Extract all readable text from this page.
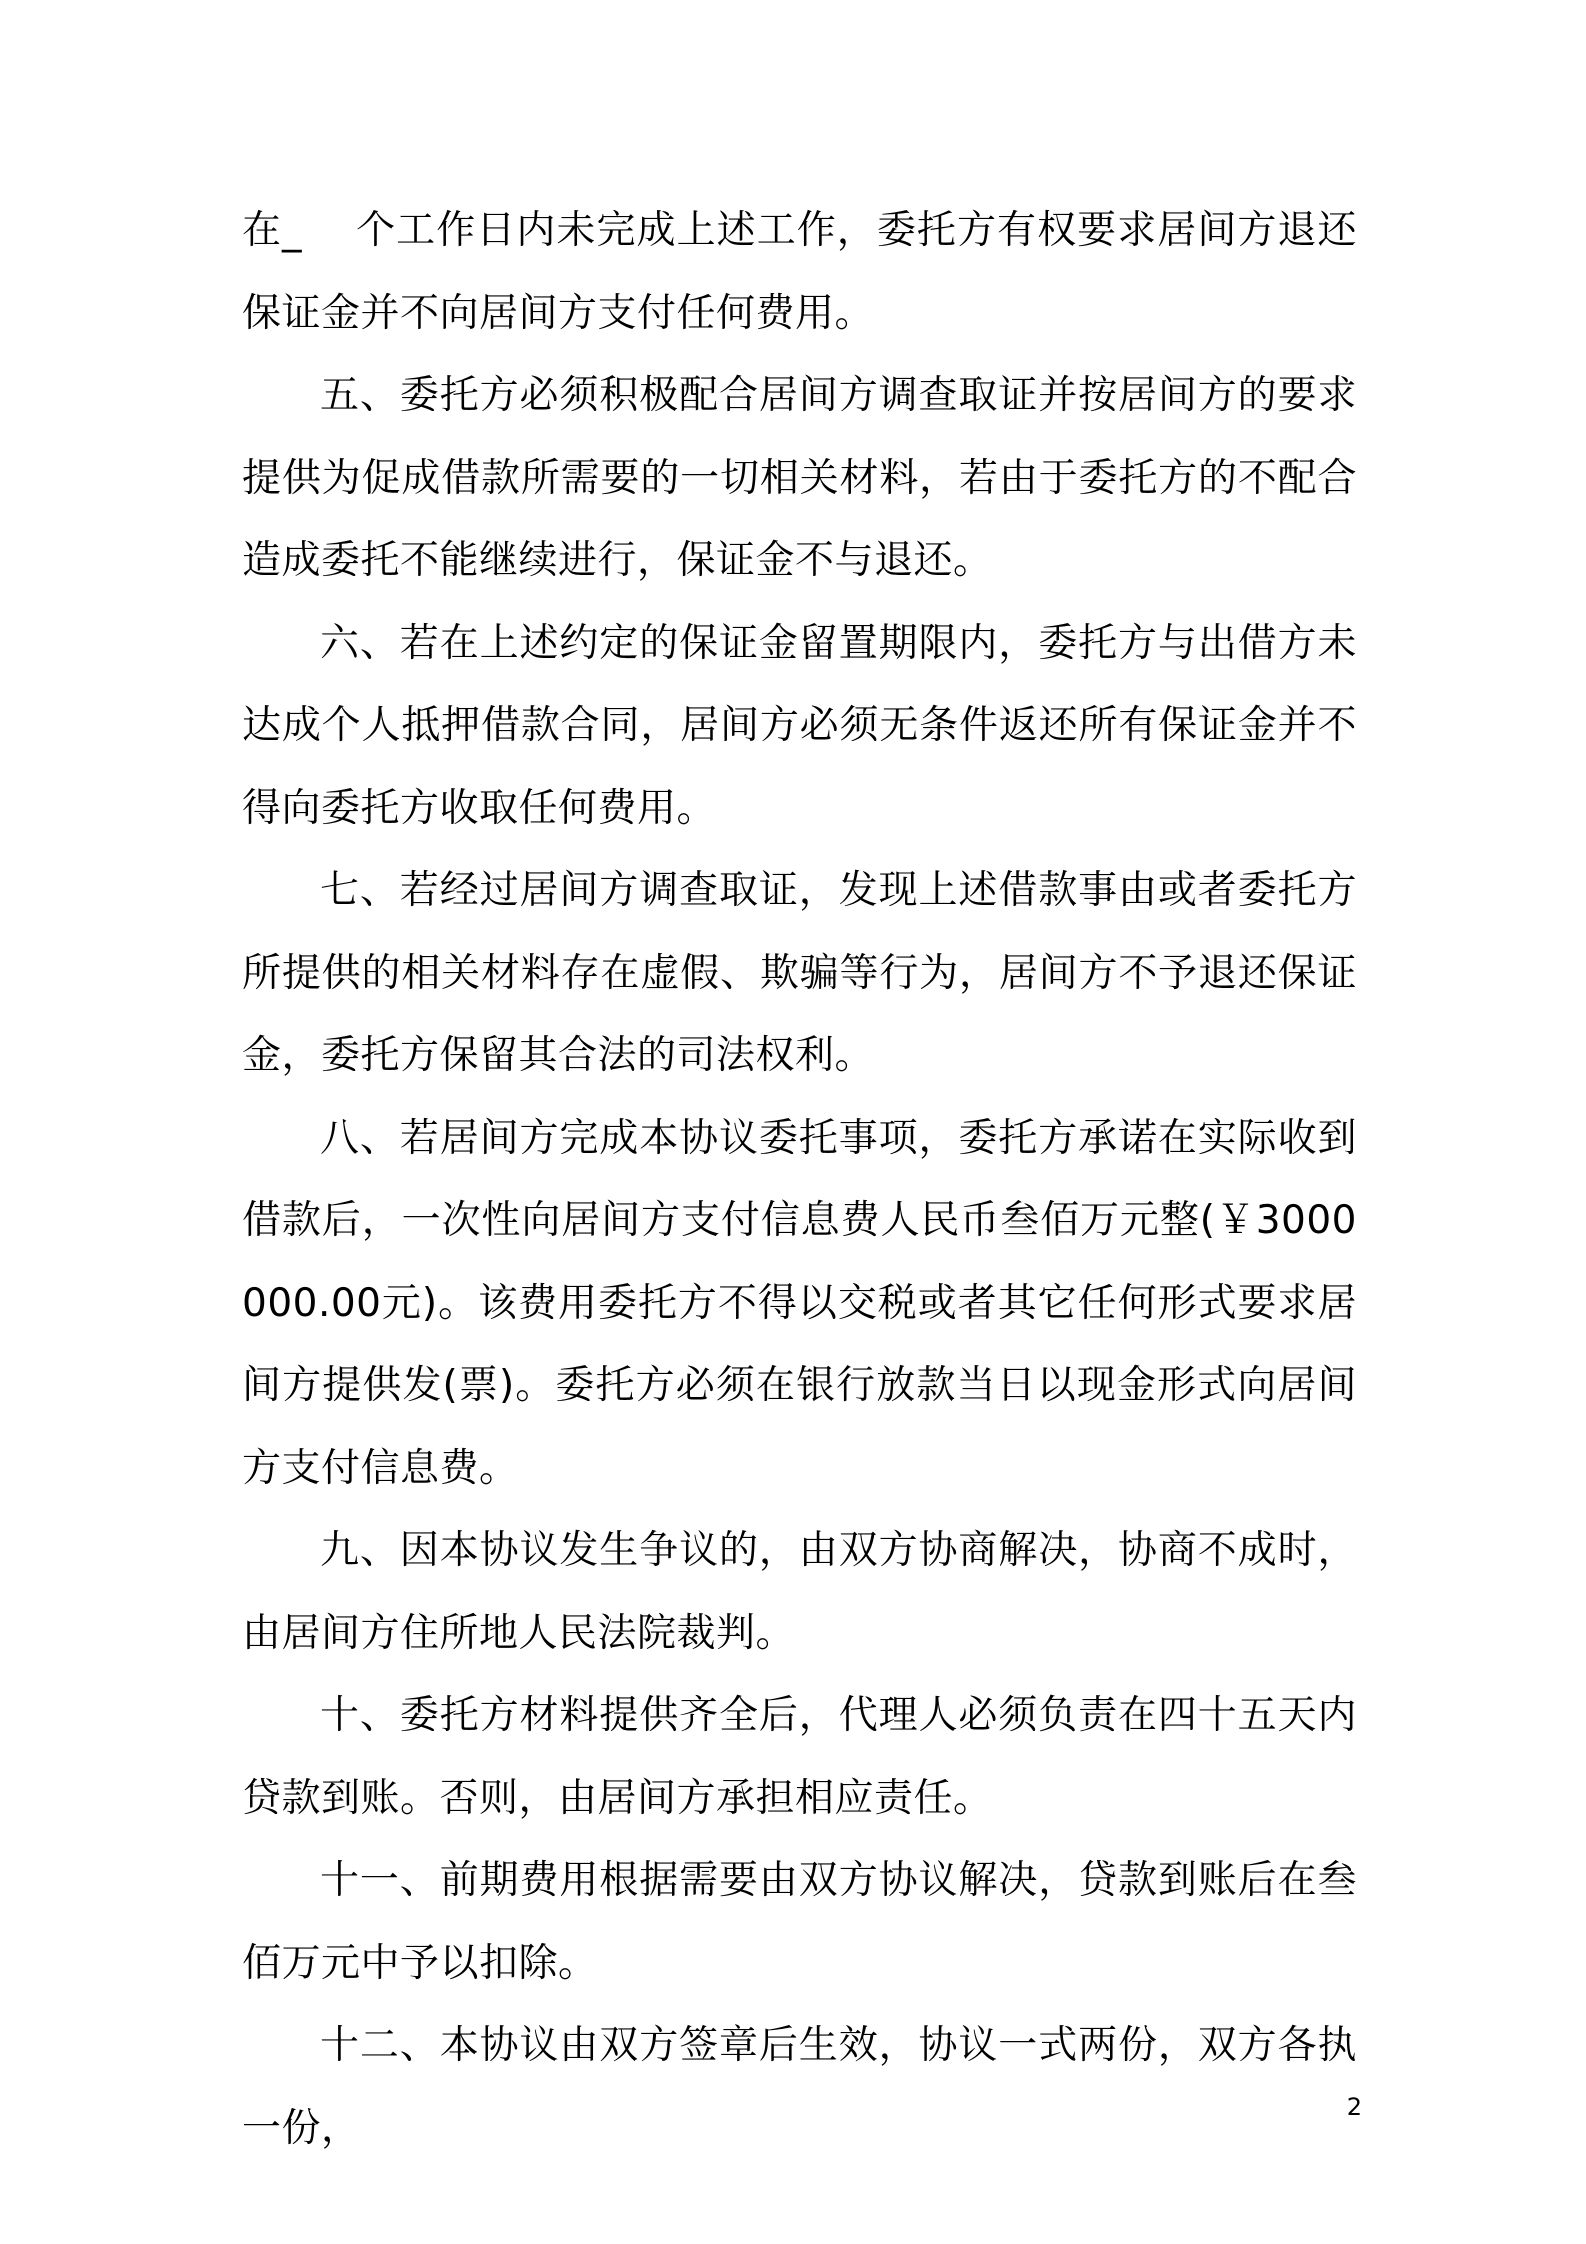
在_　 个工作日内未完成上述工作，委托方有权要求居间方退还保证金并不向居间方支付任何费用。

五、委托方必须积极配合居间方调查取证并按居间方的要求提供为促成借款所需要的一切相关材料，若由于委托方的不配合造成委托不能继续进行，保证金不与退还。

六、若在上述约定的保证金留置期限内，委托方与出借方未达成个人抵押借款合同，居间方必须无条件返还所有保证金并不得向委托方收取任何费用。

七、若经过居间方调查取证，发现上述借款事由或者委托方所提供的相关材料存在虚假、欺骗等行为，居间方不予退还保证金，委托方保留其合法的司法权利。

八、若居间方完成本协议委托事项，委托方承诺在实际收到借款后，一次性向居间方支付信息费人民币叁佰万元整(￥3000000.00元)。该费用委托方不得以交税或者其它任何形式要求居间方提供发(票)。委托方必须在银行放款当日以现金形式向居间方支付信息费。

九、因本协议发生争议的，由双方协商解决，协商不成时，由居间方住所地人民法院裁判。

十、委托方材料提供齐全后，代理人必须负责在四十五天内贷款到账。否则，由居间方承担相应责任。

十一、前期费用根据需要由双方协议解决，贷款到账后在叁佰万元中予以扣除。

十二、本协议由双方签章后生效，协议一式两份，双方各执一份，	2
